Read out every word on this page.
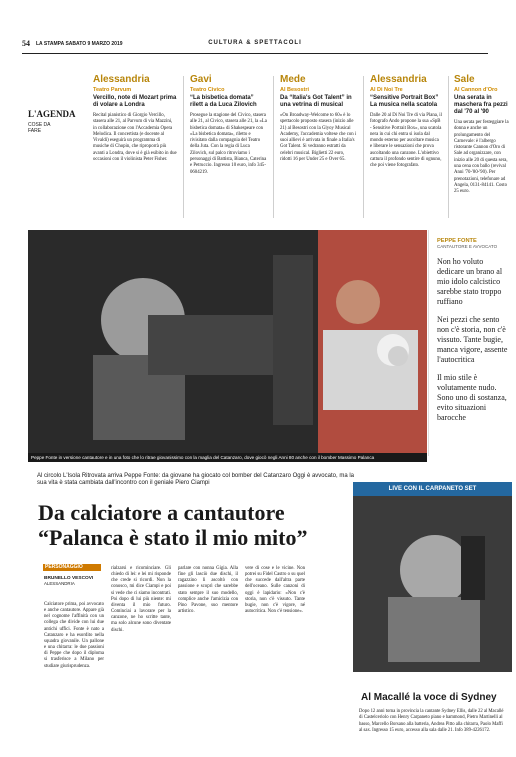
54 LA STAMPA SABATO 9 MARZO 2019	CULTURA & SPETTACOLI
L'AGENDA
COSE DA FARE
Alessandria
Teatro Parvum
Vercillo, note di Mozart prima di volare a Londra
Recital pianistico di Giorgio Vercillo, stasera alle 21, al Parvum di via Mazzini, in collaborazione con l'Accademia Opera Melodica. Il concertista (e docente al Vivaldi) eseguirà un programma di musiche di Chopin, che riproporrà più avanti a Londra, dove si è già esibito in due occasioni con il violinista Peter Fisher.
Gavi
Teatro Civico
“La bisbetica domata” rilett a da Luca Zilovich
Prosegue la stagione del Civico, stasera alle 21, al Civico, stasera alle 21, la «La bisbetica domata» di Shakespeare con «La bisbetica domata», riletto e rivisitato dalla compagnia del Teatro della Juta. Con la regia di Luca Zilovich, sul palco ritroviamo i personaggi di Battista, Bianca, Caterina e Petruccio. Ingresso 10 euro, info 345-0604219.
Mede
Al Besostri
Da “Italia's Got Talent” in una vetrina di musical
«On Broadway-Welcome to 60» è lo spettacolo proposto stasera (inizio alle 21) al Besostri con la Glyoy Musical Academy, l'accademia voltese che con i suoi allievi è arrivata in finale a Italia's Got Talent. Si vedranno estratti da celebri musical. Biglietti 22 euro, ridotti 16 per Under 25 e Over 65.
Alessandria
Al Di Noi Tre
“Sensitive Portrait Box” La musica nella scatola
Dalle 20 al Di Noi Tre di via Plana, il fotografo Ando propone la sua «SpB - Sensitive Portrait Box», una scatola nera in cui chi entra si isola dal mondo esterno per ascoltare musica e liberare le sensazioni che prova ascoltando una canzone. L'obiettivo cattura il profondo sentire di ognuno, che poi viene fotografato.
Sale
Al Cannon d'Oro
Una serata in maschera fra pezzi dal '70 al '90
Una serata per festeggiare la donna e anche un prolungamento del Carnevale: è l'albergo ristorante Cannon d'Oro di Sale ad organizzare, con inizio alle 20 di questa sera, una cena con ballo (revival Anni '70-'80-'90). Per prenotazioni, telefonare ad Angela, 0131-84141. Costo 25 euro.
PEPPE FONTE
CANTAUTORE E AVVOCATO
Non ho voluto dedicare un brano al mio idolo calcistico sarebbe stato troppo ruffiano
Nei pezzi che sento non c'è storia, non c'è vissuto. Tante bugie, manca vigore, assente l'autocritica
Il mio stile è volutamente nudo. Sono uno di sostanza, evito situazioni barocche
Peppe Fonte in versione cantautore e in una foto che lo ritrae giovanissimo con la maglia del Catanzaro, dove giocò negli Anni 80 anche con il bomber Massimo Palanca
Al circolo L'Isola Ritrovata arriva Peppe Fonte: da giovane ha giocato col bomber del Catanzaro Oggi è avvocato, ma la sua vita è stata cambiata dall'incontro con il geniale Piero Ciampi
Da calciatore a cantautore “Palanca è stato il mio mito”
PERSONAGGIO
BRUNELLO VESCOVI
ALESSANDRIA
Calciatore prima, poi avvocato e anche cantautore. Appare già nel cognome l'affinità con un collega che divide con lui due antichi uffici. Fonte è nato a Catanzaro e ha esordito nella squadra giovanile. Un pallone e una chitarra: le due passioni di Peppe che dopo il diploma si trasferisce a Milano per studiare giurisprudenza.
rialzarsi e ricominciare. Gli chiedo di lei: e lei mi risponde che crede si ricordi. Non la conosco, mi dice Ciampi e poi si vede che ci siamo incontrati. Poi dopo di lui più niente: mi diventa il mio futuro. Cominciai a lavorare per la canzone, ne ho scritte tante, ma solo alcune sono diventate dischi.
parlare con nonna Gigia. Alla fine gli lasciò due dischi, il ragazzino li ascoltò con passione e scoprì che sarebbe stato sempre il suo modello, complice anche l'amicizia con Pino Pavone, suo mentore artistico.
vere di cose e le vicine. Non potrei su Fidel Castro o su quel che succede dall'altra parte dell'oceano. Sulle canzoni di oggi è lapidario: «Non c'è storia, non c'è vissuto. Tante bugie, non c'è vigore, né autocritica. Non c'è tensione».
LIVE CON IL CARPANETO SET
Al Macallé la voce di Sydney
Dopo 12 anni torna in provincia la cantante Sydney Ellis, dalle 22 al Macallé di Castelceriolo con Henry Carpaneto piano e hammond, Pietro Martinelli al basso, Marcello Borsano alla batteria, Andrea Pitto alla chitarra, Paolo Maffi al sax. Ingresso 15 euro, accesso alla sala dalle 21. Info 389-4226172.
